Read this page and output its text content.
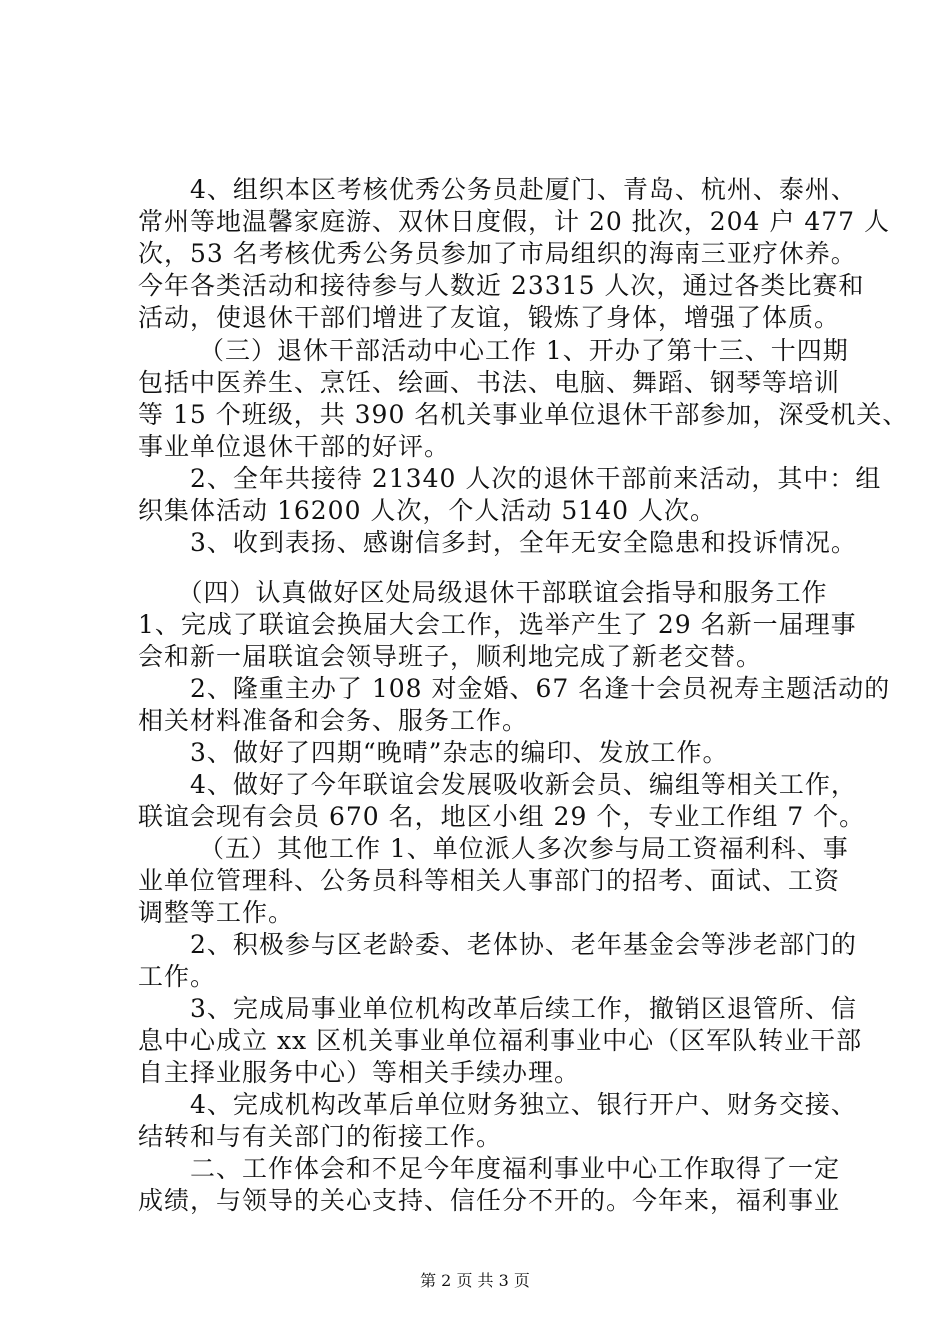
　　4、组织本区考核优秀公务员赴厦门、青岛、杭州、泰州、
常州等地温馨家庭游、双休日度假，计 20 批次，204 户 477 人
次，53 名考核优秀公务员参加了市局组织的海南三亚疗休养。
今年各类活动和接待参与人数近 23315 人次，通过各类比赛和
活动，使退休干部们增进了友谊，锻炼了身体，增强了体质。
　　 （三）退休干部活动中心工作 1、开办了第十三、十四期
包括中医养生、烹饪、绘画、书法、电脑、舞蹈、钢琴等培训
等 15 个班级，共 390 名机关事业单位退休干部参加，深受机关、
事业单位退休干部的好评。
　　2、全年共接待 21340 人次的退休干部前来活动，其中：组
织集体活动 16200 人次，个人活动 5140 人次。
　　3、收到表扬、感谢信多封，全年无安全隐患和投诉情况。
　　（四）认真做好区处局级退休干部联谊会指导和服务工作
1、完成了联谊会换届大会工作，选举产生了 29 名新一届理事
会和新一届联谊会领导班子，顺利地完成了新老交替。
　　2、隆重主办了 108 对金婚、67 名逢十会员祝寿主题活动的
相关材料准备和会务、服务工作。
　　3、做好了四期“晚晴”杂志的编印、发放工作。
　　4、做好了今年联谊会发展吸收新会员、编组等相关工作，
联谊会现有会员 670 名，地区小组 29 个，专业工作组 7 个。
　　 （五）其他工作 1、单位派人多次参与局工资福利科、事
业单位管理科、公务员科等相关人事部门的招考、面试、工资
调整等工作。
　　2、积极参与区老龄委、老体协、老年基金会等涉老部门的
工作。
　　3、完成局事业单位机构改革后续工作，撤销区退管所、信
息中心成立 xx 区机关事业单位福利事业中心（区军队转业干部
自主择业服务中心）等相关手续办理。
　　4、完成机构改革后单位财务独立、银行开户、财务交接、
结转和与有关部门的衔接工作。
　　二、工作体会和不足今年度福利事业中心工作取得了一定
成绩，与领导的关心支持、信任分不开的。今年来，福利事业
第 2 页 共 3 页
